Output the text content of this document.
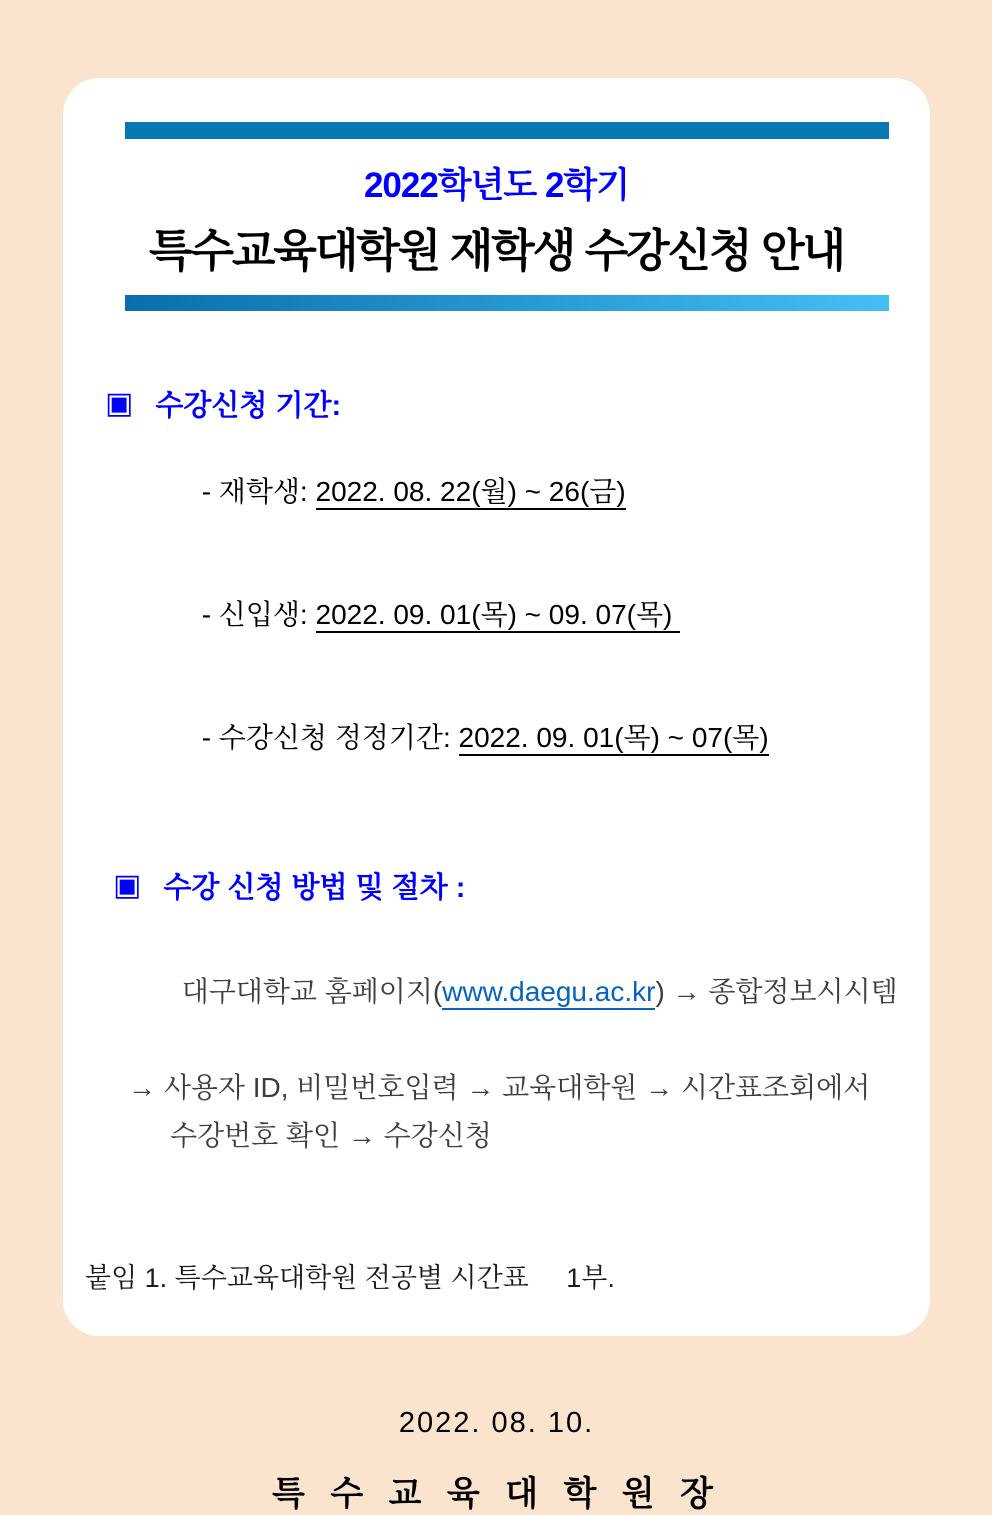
2022학년도 2학기
특수교육대학원 재학생 수강신청 안내
▣ 수강신청 기간:

- 재학생: 2022. 08. 22(월) ~ 26(금)

- 신입생: 2022. 09. 01(목) ~ 09. 07(목)

- 수강신청 정정기간: 2022. 09. 01(목) ~ 07(목)

▣ 수강 신청 방법 및 절차 :

대구대학교 홈페이지(www.daegu.ac.kr) → 종합정보시시템

→ 사용자 ID, 비밀번호입력 → 교육대학원 → 시간표조회에서
수강번호 확인 → 수강신청
붙임 1. 특수교육대학원 전공별 시간표     1부.
2022. 08. 10.
특 수 교 육 대 학 원 장
